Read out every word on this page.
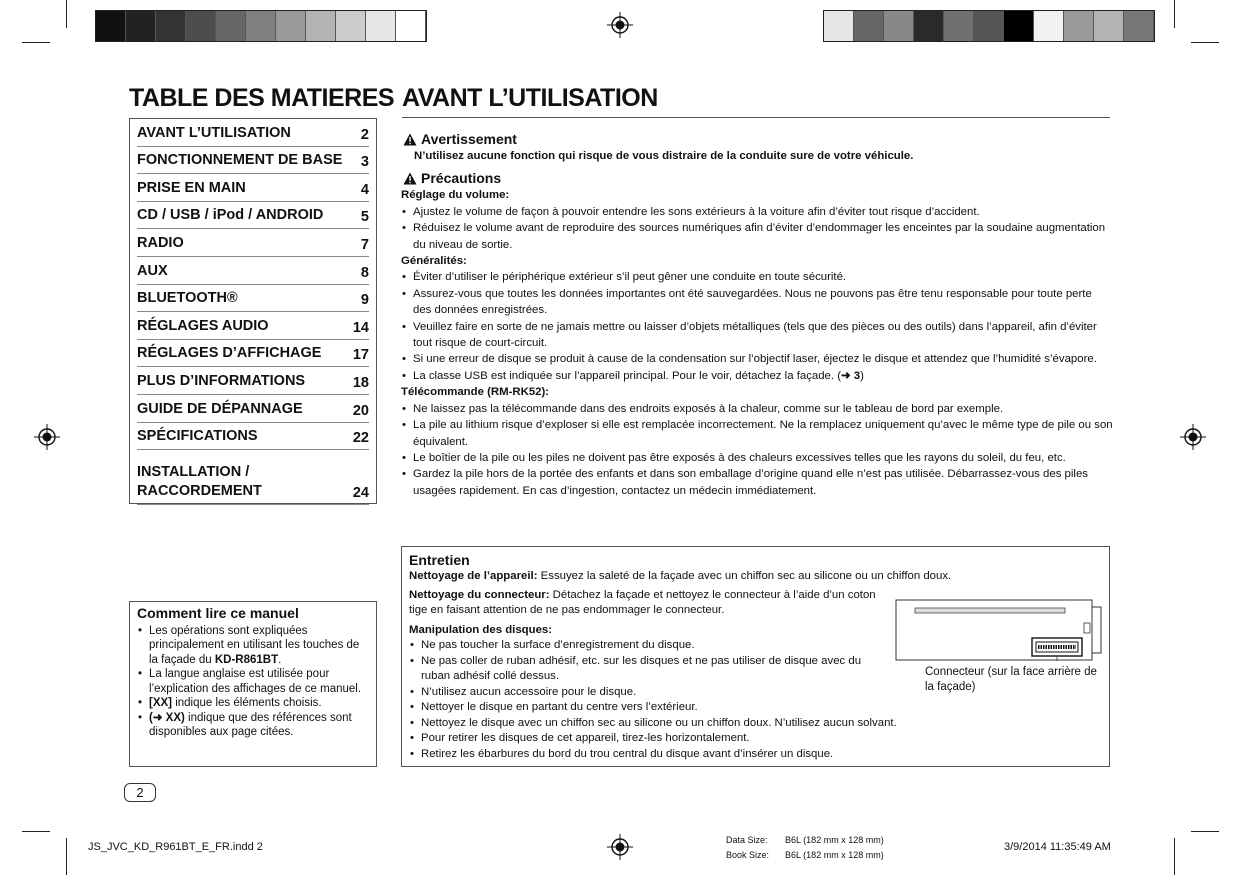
TABLE DES MATIERES AVANT L’UTILISATION
AVANT L’UTILISATION	2
FONCTIONNEMENT DE BASE 3
PRISE EN MAIN	4
CD / USB / iPod / ANDROID	5
RADIO	7
AUX	8
BLUETOOTH®	9
RÉGLAGES AUDIO	14
RÉGLAGES D’AFFICHAGE 17
PLUS D’INFORMATIONS	18
GUIDE DE DÉPANNAGE	20
SPÉCIFICATIONS	22
INSTALLATION /
RACCORDEMENT	24
Comment lire ce manuel
• Les opérations sont expliquées principalement en utilisant les touches de la façade du KD-R861BT.
• La langue anglaise est utilisée pour l’explication des affichages de ce manuel.
• [XX] indique les éléments choisis.
• (➜ XX) indique que des références sont disponibles aux page citées.
Avertissement
N’utilisez aucune fonction qui risque de vous distraire de la conduite sure de votre véhicule.
Précautions
Réglage du volume:
• Ajustez le volume de façon à pouvoir entendre les sons extérieurs à la voiture afin d’éviter tout risque d’accident.
• Réduisez le volume avant de reproduire des sources numériques afin d’éviter d’endommager les enceintes par la soudaine augmentation du niveau de sortie.
Généralités:
• Éviter d’utiliser le périphérique extérieur s’il peut gêner une conduite en toute sécurité.
• Assurez-vous que toutes les données importantes ont été sauvegardées. Nous ne pouvons pas être tenu responsable pour toute perte des données enregistrées.
• Veuillez faire en sorte de ne jamais mettre ou laisser d’objets métalliques (tels que des pièces ou des outils) dans l’appareil, afin d’éviter tout risque de court-circuit.
• Si une erreur de disque se produit à cause de la condensation sur l’objectif laser, éjectez le disque et attendez que l’humidité s’évapore.
• La classe USB est indiquée sur l’appareil principal. Pour le voir, détachez la façade. (➜ 3)
Télécommande (RM-RK52):
• Ne laissez pas la télécommande dans des endroits exposés à la chaleur, comme sur le tableau de bord par exemple.
• La pile au lithium risque d’exploser si elle est remplacée incorrectement. Ne la remplacez uniquement qu’avec le même type de pile ou son équivalent.
• Le boîtier de la pile ou les piles ne doivent pas être exposés à des chaleurs excessives telles que les rayons du soleil, du feu, etc.
• Gardez la pile hors de la portée des enfants et dans son emballage d’origine quand elle n’est pas utilisée. Débarrassez-vous des piles usagées rapidement. En cas d’ingestion, contactez un médecin immédiatement.
Entretien
Nettoyage de l’appareil: Essuyez la saleté de la façade avec un chiffon sec au silicone ou un chiffon doux.
Nettoyage du connecteur: Détachez la façade et nettoyez le connecteur à l’aide d’un coton tige en faisant attention de ne pas endommager le connecteur.
Manipulation des disques:
• Ne pas toucher la surface d’enregistrement du disque.
• Ne pas coller de ruban adhésif, etc. sur les disques et ne pas utiliser de disque avec du ruban adhésif collé dessus.
• N’utilisez aucun accessoire pour le disque.
• Nettoyer le disque en partant du centre vers l’extérieur.
• Nettoyez le disque avec un chiffon sec au silicone ou un chiffon doux. N’utilisez aucun solvant.
• Pour retirer les disques de cet appareil, tirez-les horizontalement.
• Retirez les ébarbures du bord du trou central du disque avant d’insérer un disque.
Connecteur (sur la face arrière de la façade)
2
JS_JVC_KD_R961BT_E_FR.indd 2
Data Size: B6L (182 mm x 128 mm)
Book Size: B6L (182 mm x 128 mm)
3/9/2014 11:35:49 AM
